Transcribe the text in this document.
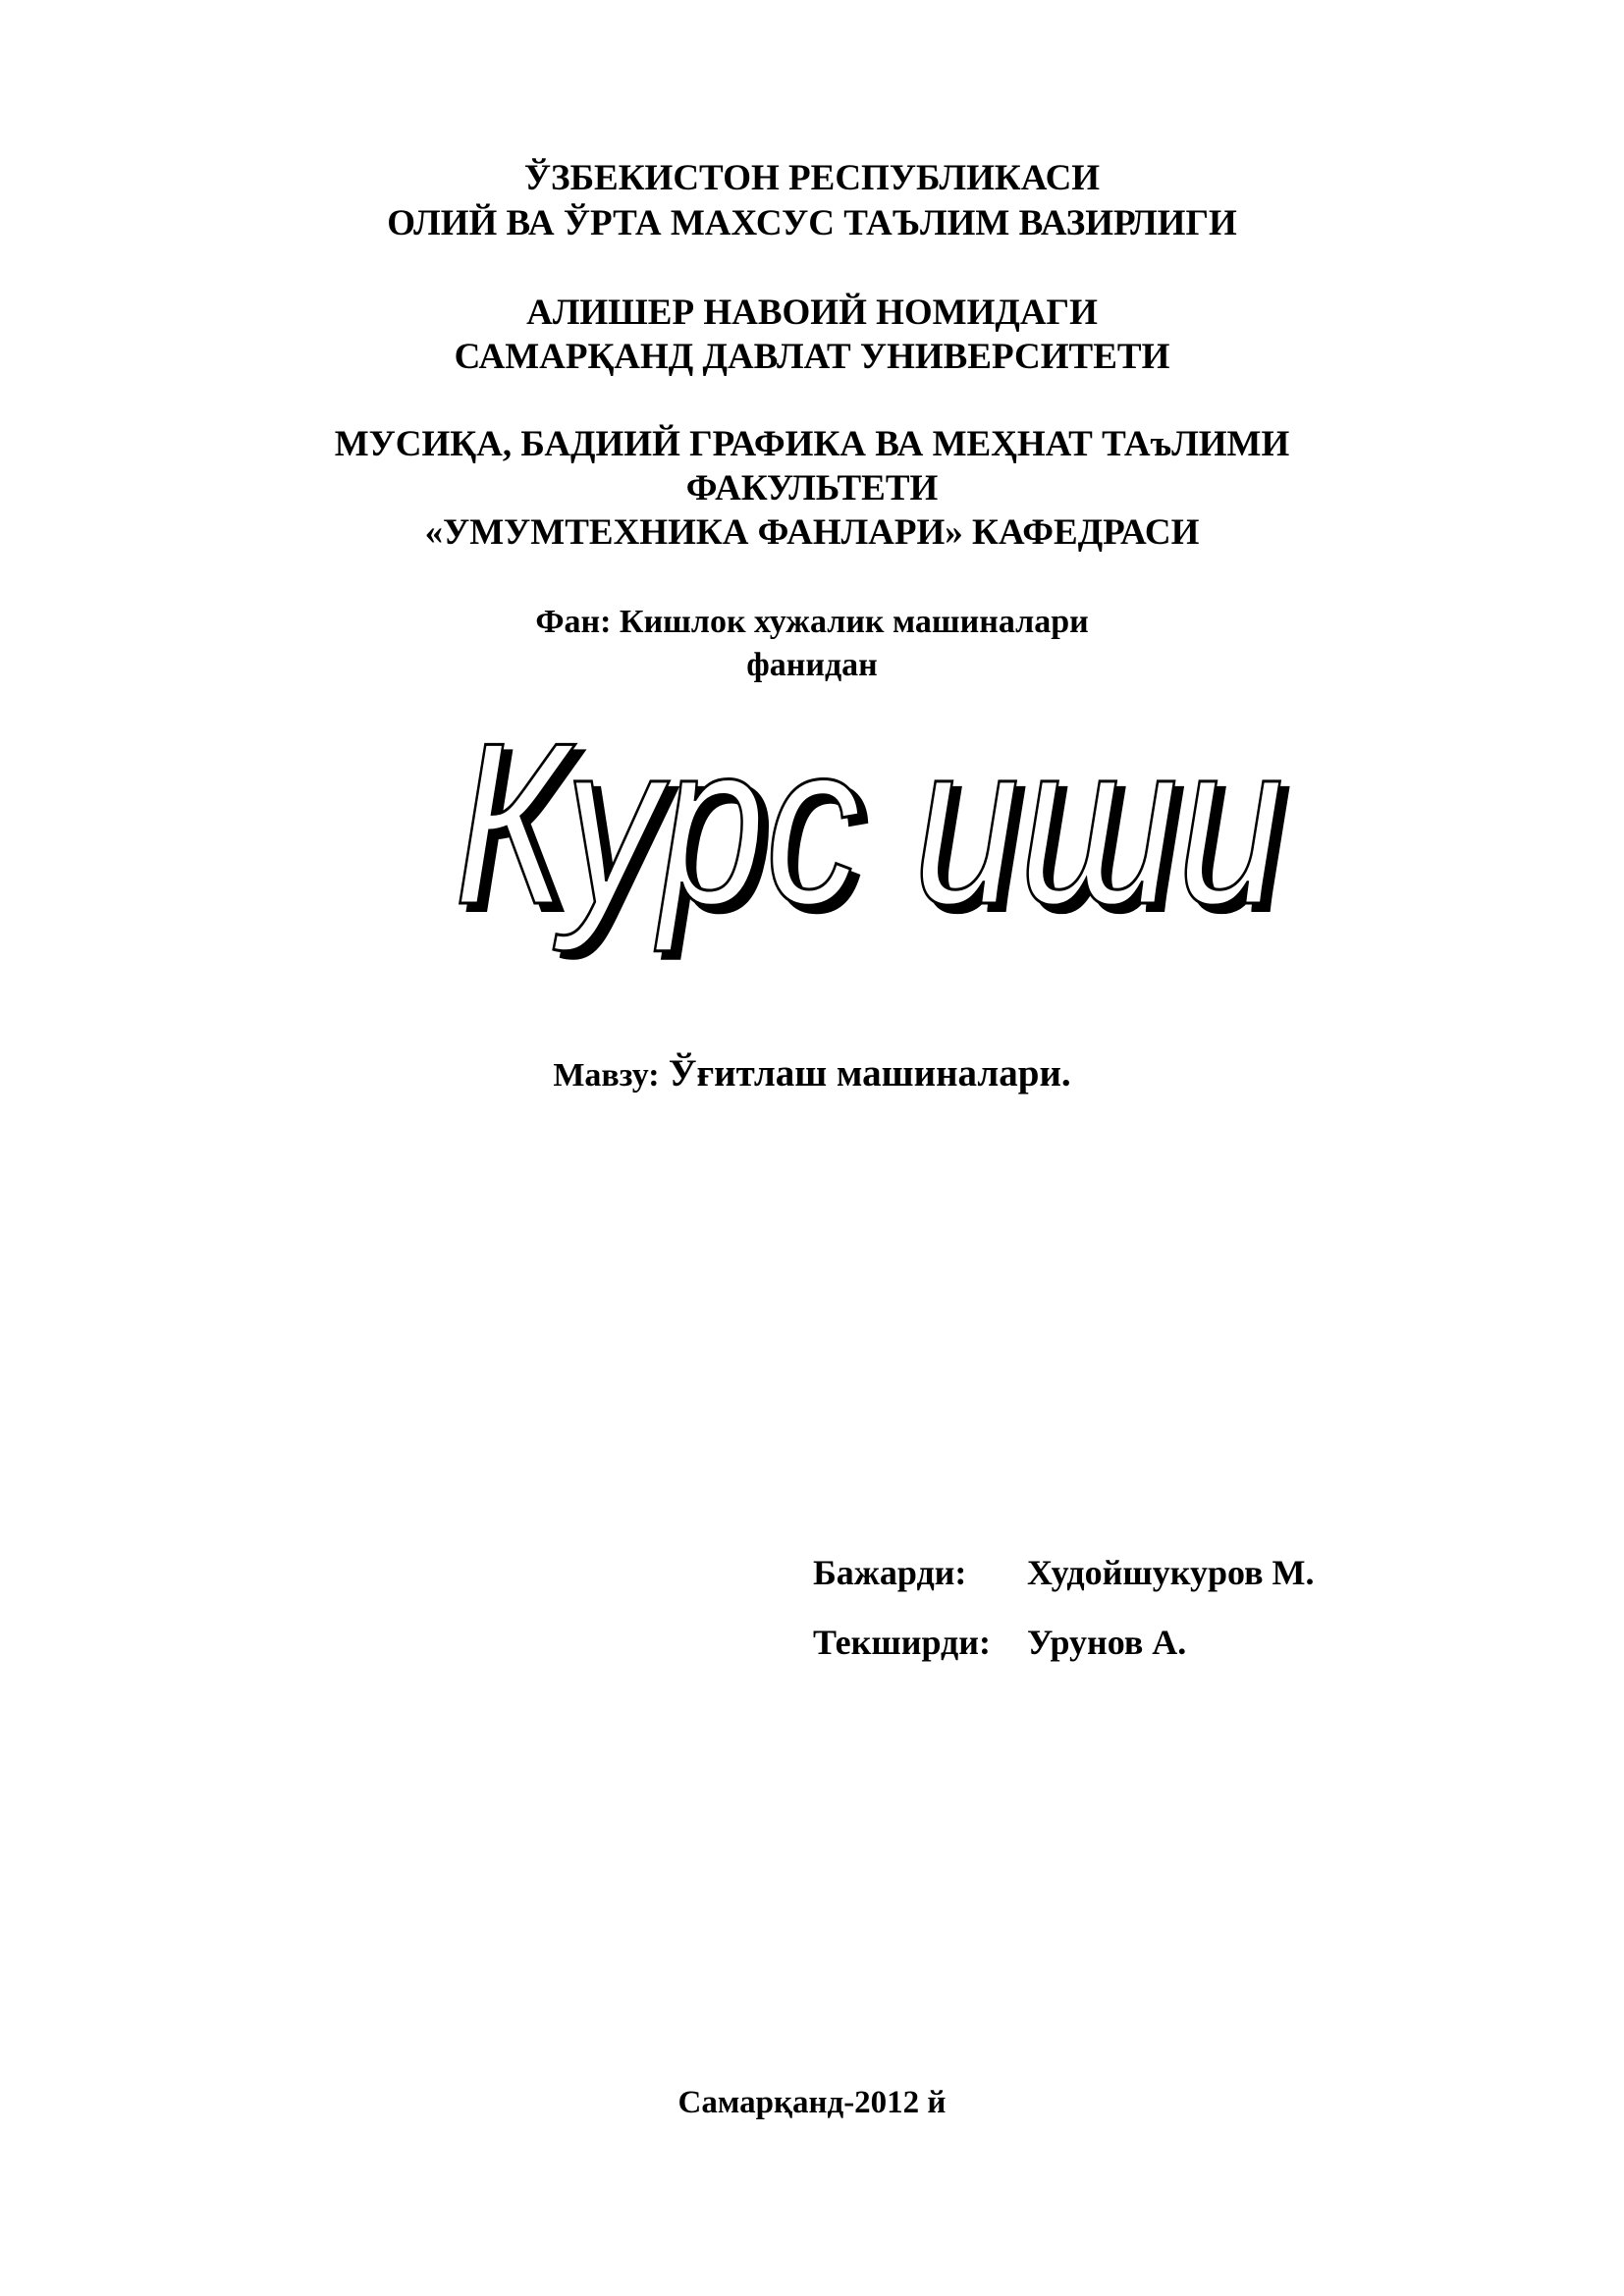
ЎЗБЕКИСТОН РЕСПУБЛИКАСИ
ОЛИЙ ВА ЎРТА МАХСУС ТАЪЛИМ ВАЗИРЛИГИ
АЛИШЕР НАВОИЙ НОМИДАГИ
САМАРҚАНД ДАВЛАТ УНИВЕРСИТЕТИ
МУСИҚА, БАДИИЙ ГРАФИКА ВА МЕҲНАТ ТАъЛИМИ
ФАКУЛЬТЕТИ
«УМУМТЕХНИКА ФАНЛАРИ» КАФЕДРАСИ
Фан: Кишлок хужалик машиналари
фанидан
Курс иши
Курс иши
Мавзу: Ўғитлаш машиналари.
Бажарди: Худойшукуров М.
Текширди: Урунов А.
Самарқанд-2012 й
